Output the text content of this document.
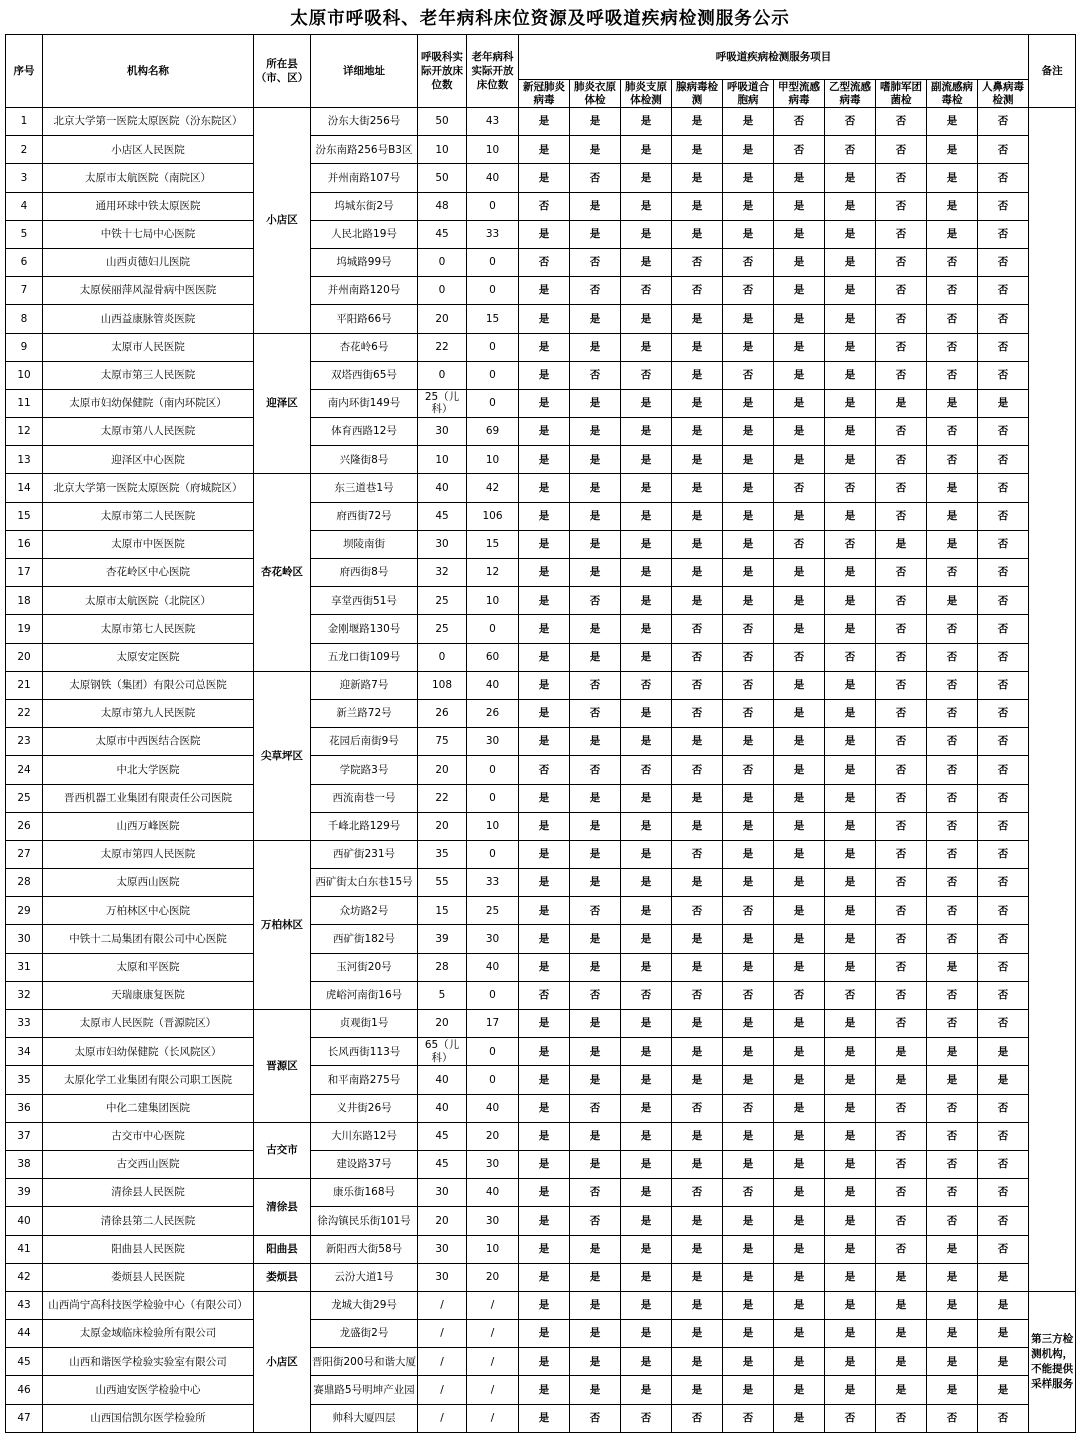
太原市呼吸科、老年病科床位资源及呼吸道疾病检测服务公示
序号	机构名称	所在县（市、区）	详细地址	呼吸科实际开放床位数	老年病科实际开放床位数	呼吸道疾病检测服务项目										备注
						新冠肺炎病毒	肺炎衣原体检	肺炎支原体检测	腺病毒检测	呼吸道合胞病	甲型流感病毒	乙型流感病毒	嗜肺军团菌检	副流感病毒检	人鼻病毒检测	
1	北京大学第一医院太原医院（汾东院区）	小店区	汾东大街256号	50	43	是	是	是	是	是	否	否	否	是	否	
2	小店区人民医院		汾东南路256号B3区	10	10	是	是	是	是	是	否	否	否	是	否	
3	太原市太航医院（南院区）		并州南路107号	50	40	是	否	是	是	是	是	是	否	是	否	
4	通用环球中铁太原医院		坞城东街2号	48	0	否	是	是	是	是	是	是	否	是	否	
5	中铁十七局中心医院		人民北路19号	45	33	是	是	是	是	是	是	是	否	是	否	
6	山西贞德妇儿医院		坞城路99号	0	0	否	否	是	否	否	是	是	否	否	否	
7	太原侯丽萍风湿骨病中医医院		并州南路120号	0	0	是	否	否	否	否	是	是	否	否	否	
8	山西益康脉管炎医院		平阳路66号	20	15	是	是	是	是	是	是	是	否	否	否	
9	太原市人民医院	迎泽区	杏花岭6号	22	0	是	是	是	是	是	是	是	否	否	否	
10	太原市第三人民医院		双塔西街65号	0	0	是	否	否	是	否	是	是	否	否	否	
11	太原市妇幼保健院（南内环院区）		南内环街149号	25（儿科）	0	是	是	是	是	是	是	是	是	是	是	
12	太原市第八人民医院		体育西路12号	30	69	是	是	是	是	是	是	是	否	否	否	
13	迎泽区中心医院		兴隆街8号	10	10	是	是	是	是	是	是	是	否	否	否	
14	北京大学第一医院太原医院（府城院区）	杏花岭区	东三道巷1号	40	42	是	是	是	是	是	否	否	否	是	否	
15	太原市第二人民医院		府西街72号	45	106	是	是	是	是	是	是	是	否	是	否	
16	太原市中医医院		坝陵南街	30	15	是	是	是	是	是	否	否	是	是	否	
17	杏花岭区中心医院		府西街8号	32	12	是	是	是	是	是	是	是	否	否	否	
18	太原市太航医院（北院区）		享堂西街51号	25	10	是	否	是	是	是	是	是	否	是	否	
19	太原市第七人民医院		金刚堰路130号	25	0	是	是	是	否	否	是	是	否	否	否	
20	太原安定医院		五龙口街109号	0	60	是	是	是	否	否	否	否	否	否	否	
21	太原钢铁（集团）有限公司总医院	尖草坪区	迎新路7号	108	40	是	否	否	否	否	是	是	否	否	否	
22	太原市第九人民医院		新兰路72号	26	26	是	否	是	否	否	是	是	否	否	否	
23	太原市中西医结合医院		花园后南街9号	75	30	是	是	是	是	是	是	是	否	否	否	
24	中北大学医院		学院路3号	20	0	否	否	否	否	否	是	是	否	否	否	
25	晋西机器工业集团有限责任公司医院		西流南巷一号	22	0	是	是	是	是	是	是	是	否	否	否	
26	山西万峰医院		千峰北路129号	20	10	是	是	是	是	是	是	是	否	否	否	
27	太原市第四人民医院	万柏林区	西矿街231号	35	0	是	是	是	否	是	是	是	否	否	否	
28	太原西山医院		西矿街太白东巷15号	55	33	是	是	是	是	是	是	是	否	否	否	
29	万柏林区中心医院		众坊路2号	15	25	是	否	是	否	否	是	是	否	否	否	
30	中铁十二局集团有限公司中心医院		西矿街182号	39	30	是	是	是	是	是	是	是	否	否	否	
31	太原和平医院		玉河街20号	28	40	是	是	是	是	是	是	是	否	是	否	
32	天瑞康康复医院		虎峪河南街16号	5	0	否	否	否	否	否	否	否	否	否	否	
33	太原市人民医院（晋源院区）	晋源区	贞观街1号	20	17	是	是	是	是	是	是	是	否	否	否	
34	太原市妇幼保健院（长风院区）		长风西街113号	65（儿科）	0	是	是	是	是	是	是	是	是	是	是	
35	太原化学工业集团有限公司职工医院		和平南路275号	40	0	是	是	是	是	是	是	是	是	是	是	
36	中化二建集团医院		义井街26号	40	40	是	否	是	否	否	是	是	否	否	否	
37	古交市中心医院	古交市	大川东路12号	45	20	是	是	是	是	是	是	是	否	否	否	
38	古交西山医院		建设路37号	45	30	是	是	是	是	是	是	是	否	否	否	
39	清徐县人民医院	清徐县	康乐街168号	30	40	是	否	是	否	否	是	是	否	否	否	
40	清徐县第二人民医院		徐沟镇民乐街101号	20	30	是	否	是	是	是	是	是	否	否	否	
41	阳曲县人民医院	阳曲县	新阳西大街58号	30	10	是	是	是	是	是	是	是	否	是	否	
42	娄烦县人民医院	娄烦县	云汾大道1号	30	20	是	是	是	是	是	是	是	是	是	是	
43	山西尚宁高科技医学检验中心（有限公司）	小店区	龙城大街29号	/	/	是	是	是	是	是	是	是	是	是	是	第三方检测机构，不能提供采样服务
44	太原金域临床检验所有限公司		龙盛街2号	/	/	是	是	是	是	是	是	是	是	是	是	
45	山西和谐医学检验实验室有限公司		晋阳街200号和谐大厦	/	/	是	是	是	是	是	是	是	是	是	是	
46	山西迪安医学检验中心		赛鼎路5号明坤产业园	/	/	是	是	是	是	是	是	是	是	是	是	
47	山西国信凯尔医学检验所		帅科大厦四层	/	/	是	否	否	否	否	是	否	否	否	否	
